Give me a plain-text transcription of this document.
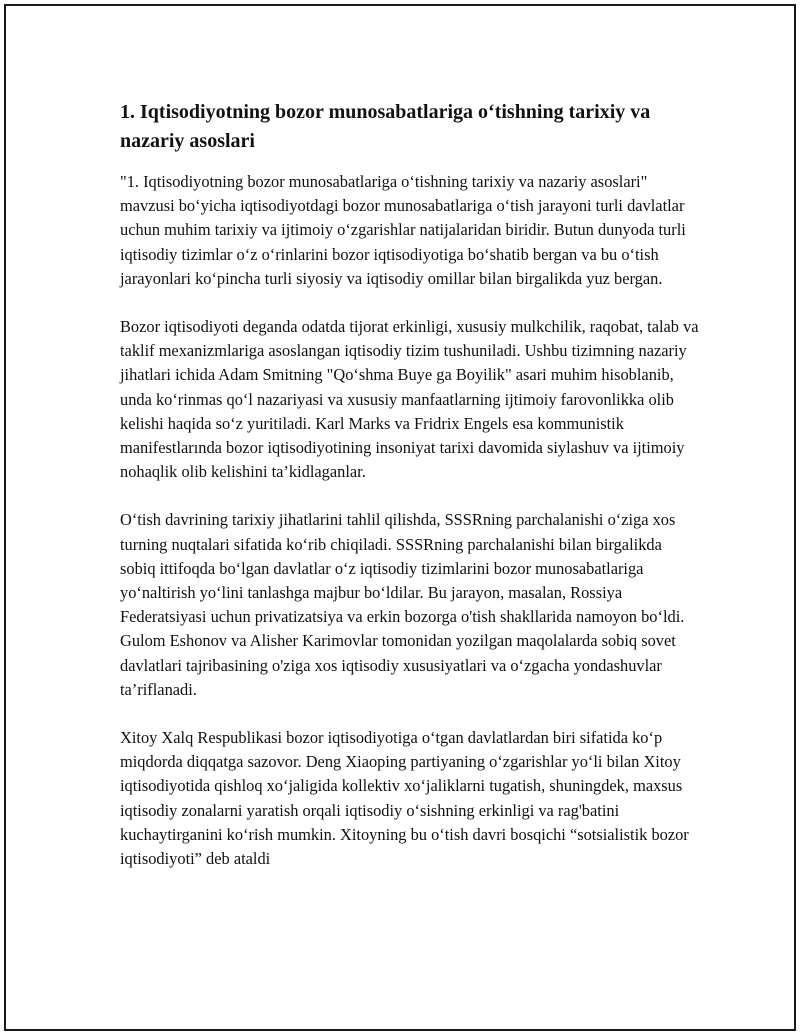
1. Iqtisodiyotning bozor munosabatlariga o‘tishning tarixiy va nazariy asoslari

"1. Iqtisodiyotning bozor munosabatlariga o‘tishning tarixiy va nazariy asoslari" mavzusi bo‘yicha iqtisodiyotdagi bozor munosabatlariga o‘tish jarayoni turli davlatlar uchun muhim tarixiy va ijtimoiy o‘zgarishlar natijalaridan biridir. Butun dunyoda turli iqtisodiy tizimlar o‘z o‘rinlarini bozor iqtisodiyotiga bo‘shatib bergan va bu o‘tish jarayonlari ko‘pincha turli siyosiy va iqtisodiy omillar bilan birgalikda yuz bergan.

Bozor iqtisodiyoti deganda odatda tijorat erkinligi, xususiy mulkchilik, raqobat, talab va taklif mexanizmlariga asoslangan iqtisodiy tizim tushuniladi. Ushbu tizimning nazariy jihatlari ichida Adam Smitning "Qo‘shma Buye ga Boyilik" asari muhim hisoblanib, unda ko‘rinmas qo‘l nazariyasi va xususiy manfaatlarning ijtimoiy farovonlikka olib kelishi haqida so‘z yuritiladi. Karl Marks va Fridrix Engels esa kommunistik manifestlarında bozor iqtisodiyotining insoniyat tarixi davomida siylashuv va ijtimoiy nohaqlik olib kelishini ta’kidlaganlar.

O‘tish davrining tarixiy jihatlarini tahlil qilishda, SSSRning parchalanishi o‘ziga xos turning nuqtalari sifatida ko‘rib chiqiladi. SSSRning parchalanishi bilan birgalikda sobiq ittifoqda bo‘lgan davlatlar o‘z iqtisodiy tizimlarini bozor munosabatlariga yo‘naltirish yo‘lini tanlashga majbur bo‘ldilar. Bu jarayon, masalan, Rossiya Federatsiyasi uchun privatizatsiya va erkin bozorga o'tish shakllarida namoyon bo‘ldi. Gulom Eshonov va Alisher Karimovlar tomonidan yozilgan maqolalarda sobiq sovet davlatlari tajribasining o'ziga xos iqtisodiy xususiyatlari va o‘zgacha yondashuvlar ta’riflanadi.

Xitoy Xalq Respublikasi bozor iqtisodiyotiga o‘tgan davlatlardan biri sifatida ko‘p miqdorda diqqatga sazovor. Deng Xiaoping partiyaning o‘zgarishlar yo‘li bilan Xitoy iqtisodiyotida qishloq xo‘jaligida kollektiv xo‘jaliklarni tugatish, shuningdek, maxsus iqtisodiy zonalarni yaratish orqali iqtisodiy o‘sishning erkinligi va rag'batini kuchaytirganini ko‘rish mumkin. Xitoyning bu o‘tish davri bosqichi “sotsialistik bozor iqtisodiyoti” deb ataldi
